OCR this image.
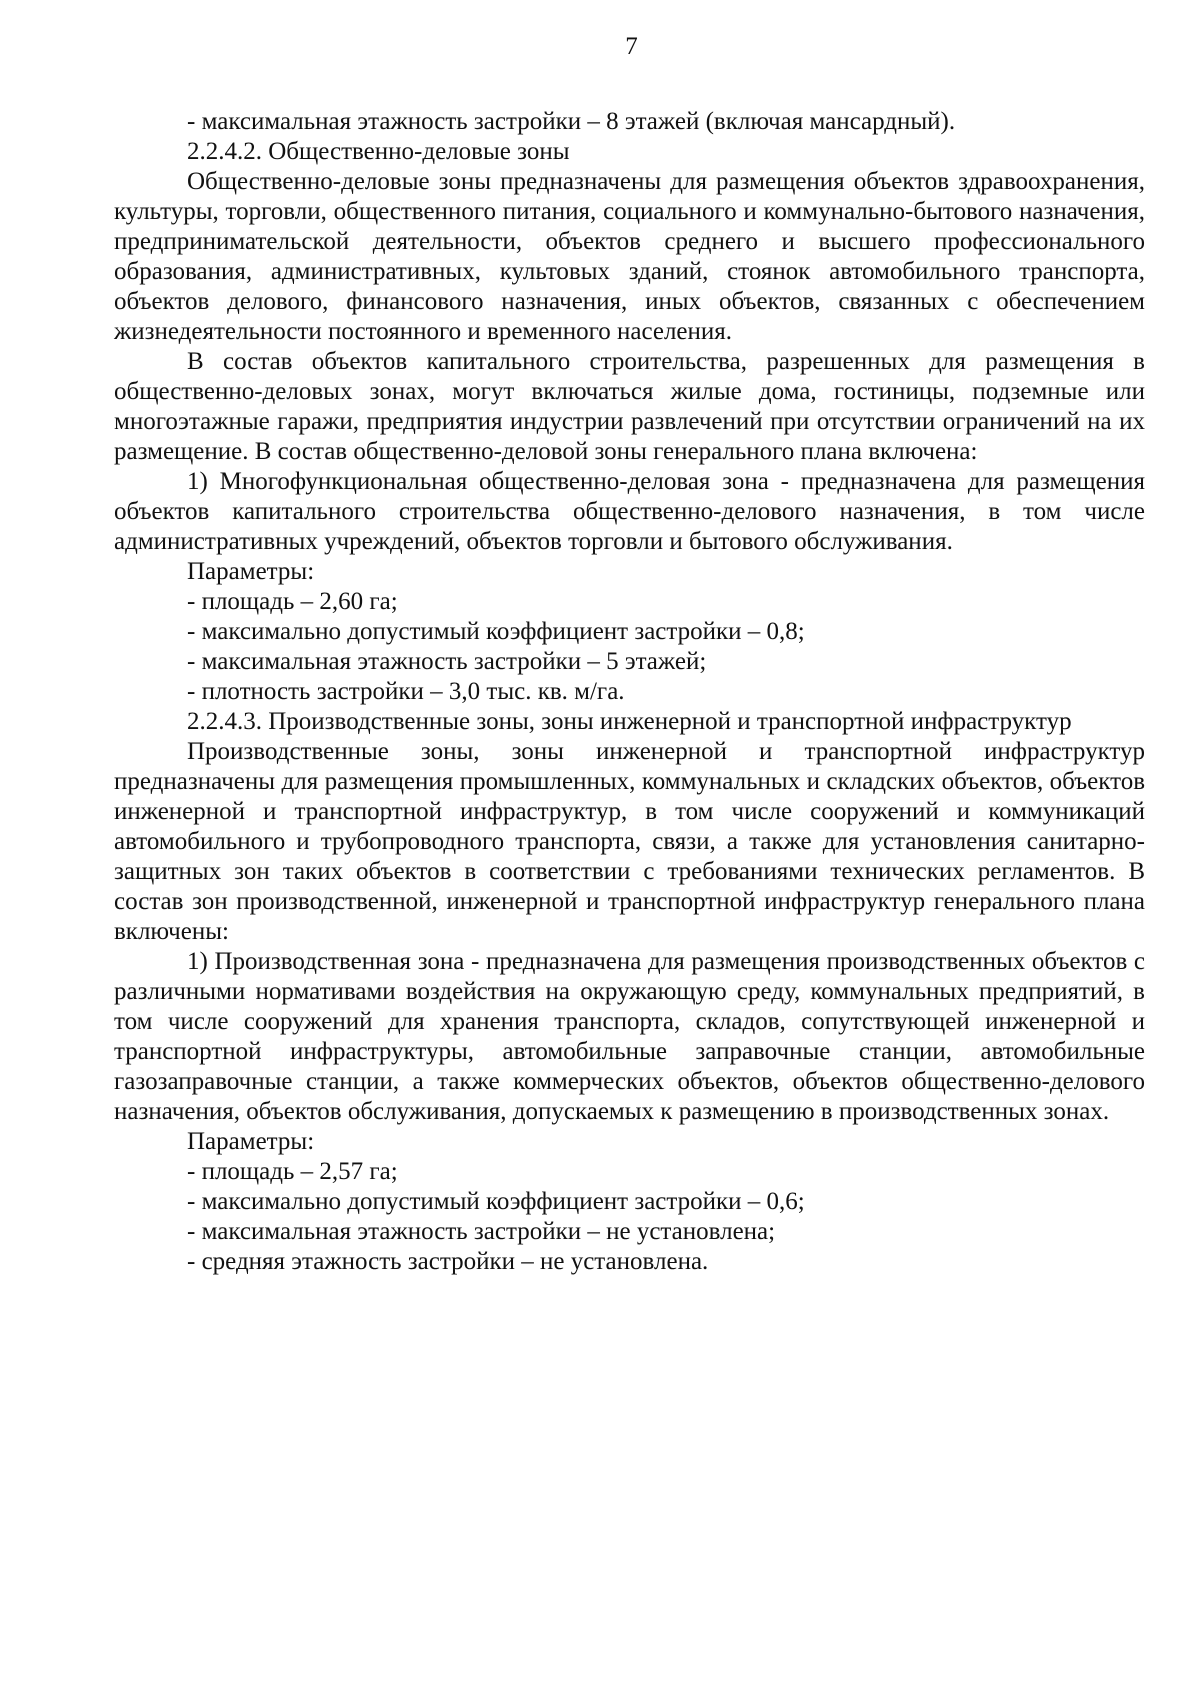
7

- максимальная этажность застройки – 8 этажей (включая мансардный).

2.2.4.2. Общественно-деловые зоны

Общественно-деловые зоны предназначены для размещения объектов здравоохранения, культуры, торговли, общественного питания, социального и коммунально-бытового назначения, предпринимательской деятельности, объектов среднего и высшего профессионального образования, административных, культовых зданий, стоянок автомобильного транспорта, объектов делового, финансового назначения, иных объектов, связанных с обеспечением жизнедеятельности постоянного и временного населения.

В состав объектов капитального строительства, разрешенных для размещения в общественно-деловых зонах, могут включаться жилые дома, гостиницы, подземные или многоэтажные гаражи, предприятия индустрии развлечений при отсутствии ограничений на их размещение. В состав общественно-деловой зоны генерального плана включена:

1) Многофункциональная общественно-деловая зона - предназначена для размещения объектов капитального строительства общественно-делового назначения, в том числе административных учреждений, объектов торговли и бытового обслуживания.

Параметры:

- площадь – 2,60 га;

- максимально допустимый коэффициент застройки – 0,8;

- максимальная этажность застройки – 5 этажей;

- плотность застройки – 3,0 тыс. кв. м/га.

2.2.4.3. Производственные зоны, зоны инженерной и транспортной инфраструктур

Производственные зоны, зоны инженерной и транспортной инфраструктур предназначены для размещения промышленных, коммунальных и складских объектов, объектов инженерной и транспортной инфраструктур, в том числе сооружений и коммуникаций автомобильного и трубопроводного транспорта, связи, а также для установления санитарно-защитных зон таких объектов в соответствии с требованиями технических регламентов. В состав зон производственной, инженерной и транспортной инфраструктур генерального плана включены:

1) Производственная зона - предназначена для размещения производственных объектов с различными нормативами воздействия на окружающую среду, коммунальных предприятий, в том числе сооружений для хранения транспорта, складов, сопутствующей инженерной и транспортной инфраструктуры, автомобильные заправочные станции, автомобильные газозаправочные станции, а также коммерческих объектов, объектов общественно-делового назначения, объектов обслуживания, допускаемых к размещению в производственных зонах.

Параметры:

- площадь – 2,57 га;

- максимально допустимый коэффициент застройки – 0,6;

- максимальная этажность застройки – не установлена;

- средняя этажность застройки – не установлена.
